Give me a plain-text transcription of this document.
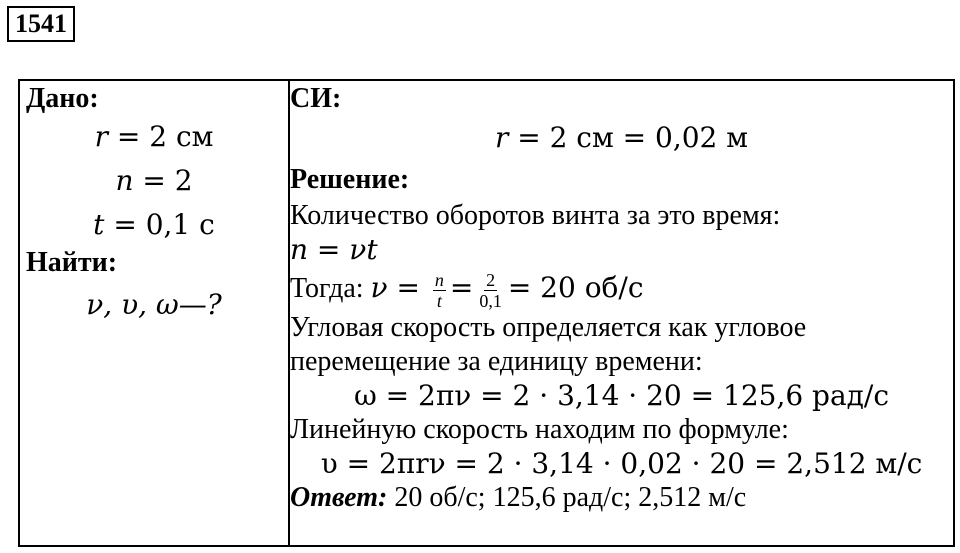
1541
Дано:
r = 2 см
n = 2
t = 0,1 с
Найти:
ν, υ, ω—?

СИ:
r = 2 см = 0,02 м
Решение:
Количество оборотов винта за это время:
n = νt
Тогда: $\nu = \frac{n}{t} = \frac{2}{0,1} = 20$ об/с
Угловая скорость определяется как угловое
перемещение за единицу времени:
ω = 2πν = 2 · 3,14 · 20 = 125,6 рад/с
Линейную скорость находим по формуле:
υ = 2πrν = 2 · 3,14 · 0,02 · 20 = 2,512 м/с
Ответ: 20 об/с; 125,6 рад/с; 2,512 м/с
